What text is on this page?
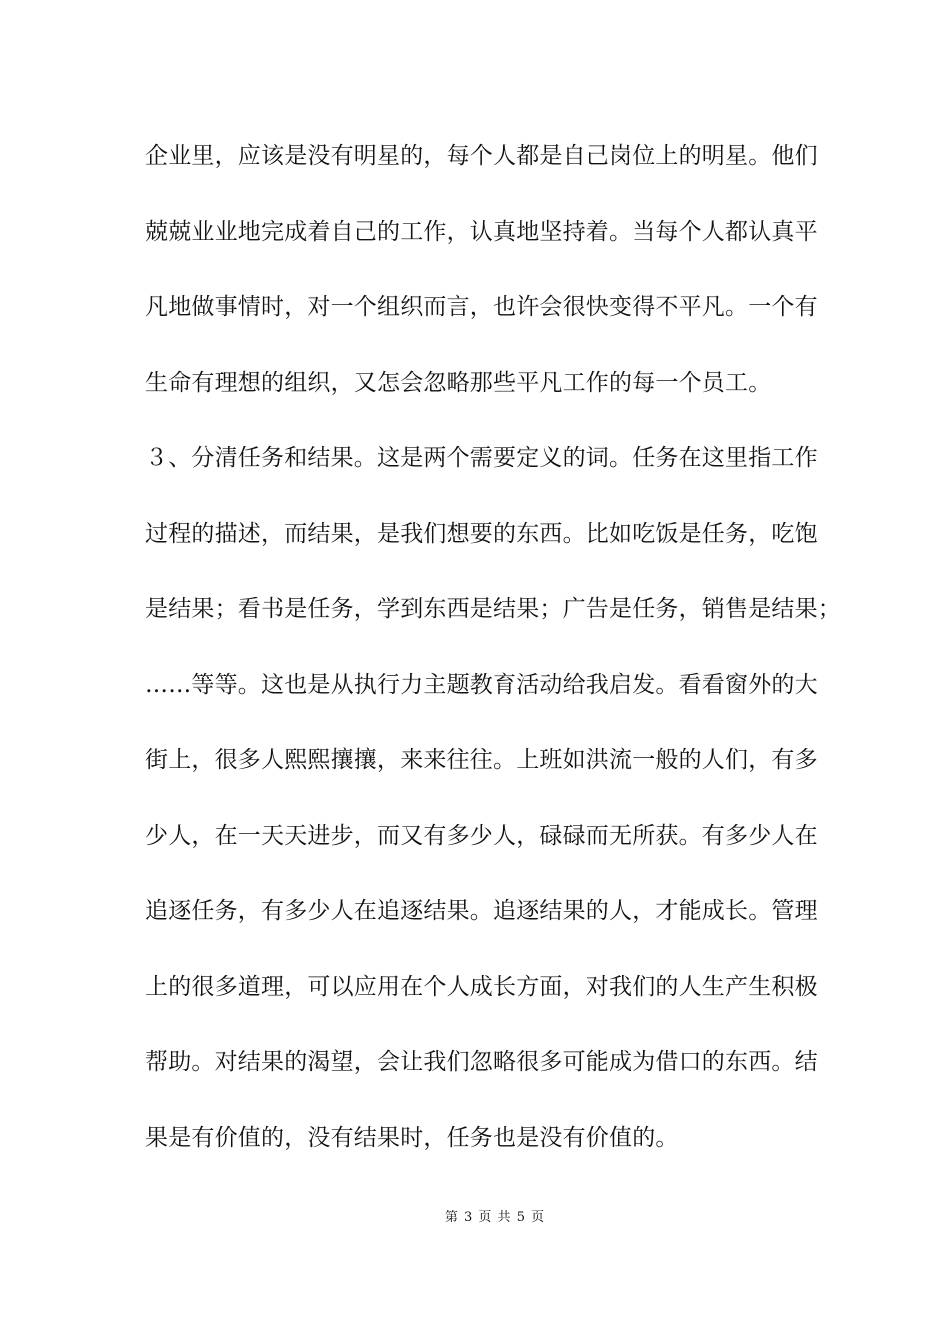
企业里，应该是没有明星的，每个人都是自己岗位上的明星。他们
兢兢业业地完成着自己的工作，认真地坚持着。当每个人都认真平
凡地做事情时，对一个组织而言，也许会很快变得不平凡。一个有
生命有理想的组织，又怎会忽略那些平凡工作的每一个员工。
３、分清任务和结果。这是两个需要定义的词。任务在这里指工作
过程的描述，而结果，是我们想要的东西。比如吃饭是任务，吃饱
是结果；看书是任务，学到东西是结果；广告是任务，销售是结果；
……等等。这也是从执行力主题教育活动给我启发。看看窗外的大
街上，很多人熙熙攘攘，来来往往。上班如洪流一般的人们，有多
少人，在一天天进步，而又有多少人，碌碌而无所获。有多少人在
追逐任务，有多少人在追逐结果。追逐结果的人，才能成长。管理
上的很多道理，可以应用在个人成长方面，对我们的人生产生积极
帮助。对结果的渴望，会让我们忽略很多可能成为借口的东西。结
果是有价值的，没有结果时，任务也是没有价值的。
第 3 页 共 5 页
